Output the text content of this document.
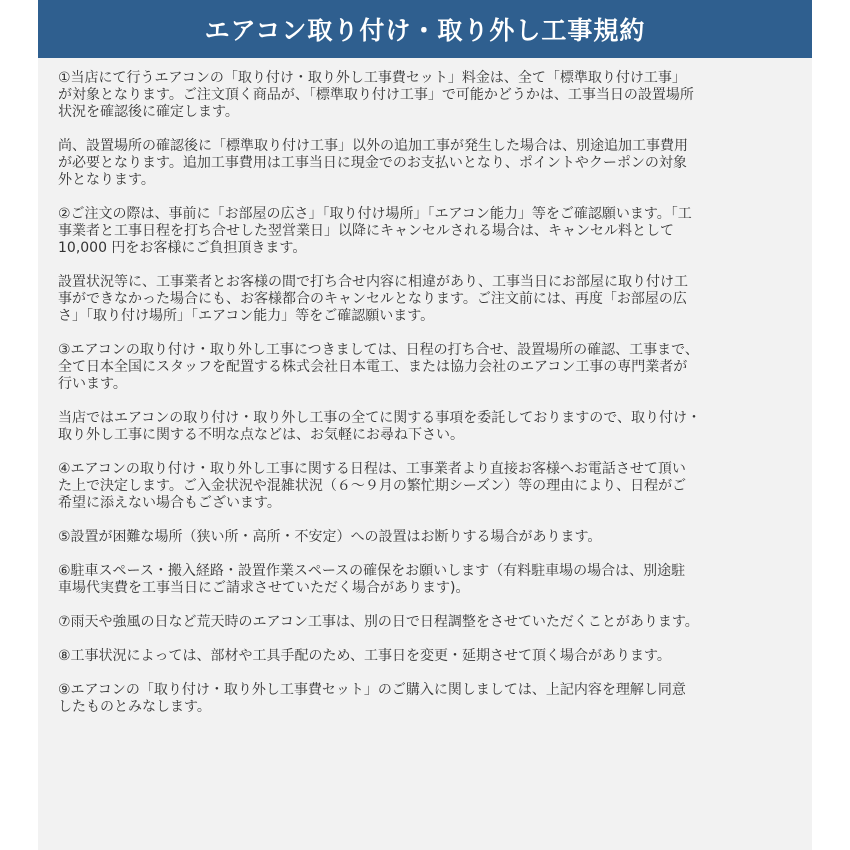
エアコン取り付け・取り外し工事規約

①当店にて行うエアコンの「取り付け・取り外し工事費セット」料金は、全て「標準取り付け工事」
が対象となります。ご注文頂く商品が、「標準取り付け工事」で可能かどうかは、工事当日の設置場所
状況を確認後に確定します。

尚、設置場所の確認後に「標準取り付け工事」以外の追加工事が発生した場合は、別途追加工事費用
が必要となります。追加工事費用は工事当日に現金でのお支払いとなり、ポイントやクーポンの対象
外となります。

②ご注文の際は、事前に「お部屋の広さ」「取り付け場所」「エアコン能力」等をご確認願います。「工
事業者と工事日程を打ち合せした翌営業日」以降にキャンセルされる場合は、キャンセル料として
10,000 円をお客様にご負担頂きます。

設置状況等に、工事業者とお客様の間で打ち合せ内容に相違があり、工事当日にお部屋に取り付け工
事ができなかった場合にも、お客様都合のキャンセルとなります。ご注文前には、再度「お部屋の広
さ」「取り付け場所」「エアコン能力」等をご確認願います。

③エアコンの取り付け・取り外し工事につきましては、日程の打ち合せ、設置場所の確認、工事まで、
全て日本全国にスタッフを配置する株式会社日本電工、または協力会社のエアコン工事の専門業者が
行います。

当店ではエアコンの取り付け・取り外し工事の全てに関する事項を委託しておりますので、取り付け・
取り外し工事に関する不明な点などは、お気軽にお尋ね下さい。

④エアコンの取り付け・取り外し工事に関する日程は、工事業者より直接お客様へお電話させて頂い
た上で決定します。ご入金状況や混雑状況（６～９月の繁忙期シーズン）等の理由により、日程がご
希望に添えない場合もございます。

⑤設置が困難な場所（狭い所・高所・不安定）への設置はお断りする場合があります。

⑥駐車スペース・搬入経路・設置作業スペースの確保をお願いします（有料駐車場の場合は、別途駐
車場代実費を工事当日にご請求させていただく場合があります)。

⑦雨天や強風の日など荒天時のエアコン工事は、別の日で日程調整をさせていただくことがあります。

⑧工事状況によっては、部材や工具手配のため、工事日を変更・延期させて頂く場合があります。

⑨エアコンの「取り付け・取り外し工事費セット」のご購入に関しましては、上記内容を理解し同意
したものとみなします。
